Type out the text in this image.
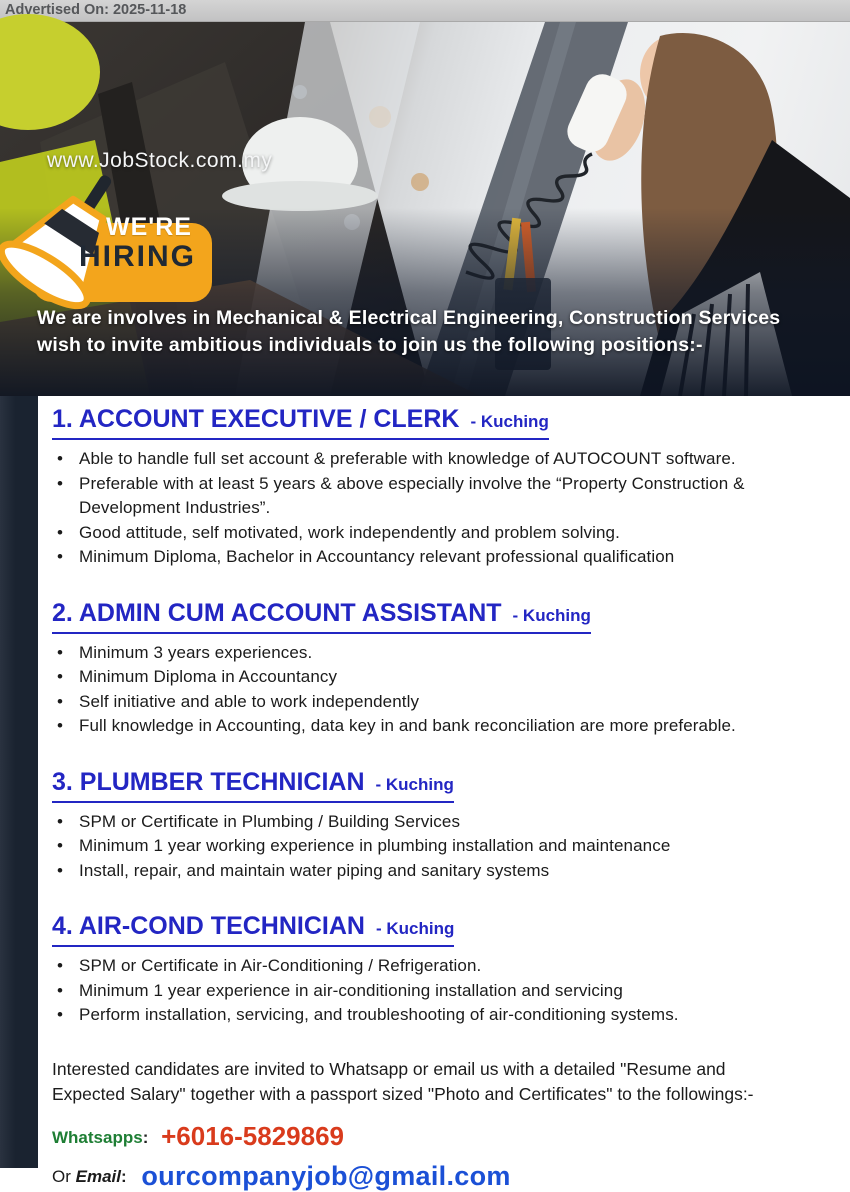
Advertised On: 2025-11-18
www.JobStock.com.my
WE'RE
HIRING
We are involves in Mechanical & Electrical Engineering, Construction Services
wish to invite ambitious individuals to join us the following positions:-
1. ACCOUNT EXECUTIVE / CLERK - Kuching
• Able to handle full set account & preferable with knowledge of AUTOCOUNT software.
• Preferable with at least 5 years & above especially involve the “Property Construction & Development Industries”.
• Good attitude, self motivated, work independently and problem solving.
• Minimum Diploma, Bachelor in Accountancy relevant professional qualification
2. ADMIN CUM ACCOUNT ASSISTANT - Kuching
• Minimum 3 years experiences.
• Minimum Diploma in Accountancy
• Self initiative and able to work independently
• Full knowledge in Accounting, data key in and bank reconciliation are more preferable.
3. PLUMBER TECHNICIAN - Kuching
• SPM or Certificate in Plumbing / Building Services
• Minimum 1 year working experience in plumbing installation and maintenance
• Install, repair, and maintain water piping and sanitary systems
4. AIR-COND TECHNICIAN - Kuching
• SPM or Certificate in Air-Conditioning / Refrigeration.
• Minimum 1 year experience in air-conditioning installation and servicing
• Perform installation, servicing, and troubleshooting of air-conditioning systems.

Interested candidates are invited to Whatsapp or email us with a detailed "Resume and
Expected Salary" together with a passport sized "Photo and Certificates" to the followings:-

Whatsapps: +6016-5829869

Or Email: ourcompanyjob@gmail.com
